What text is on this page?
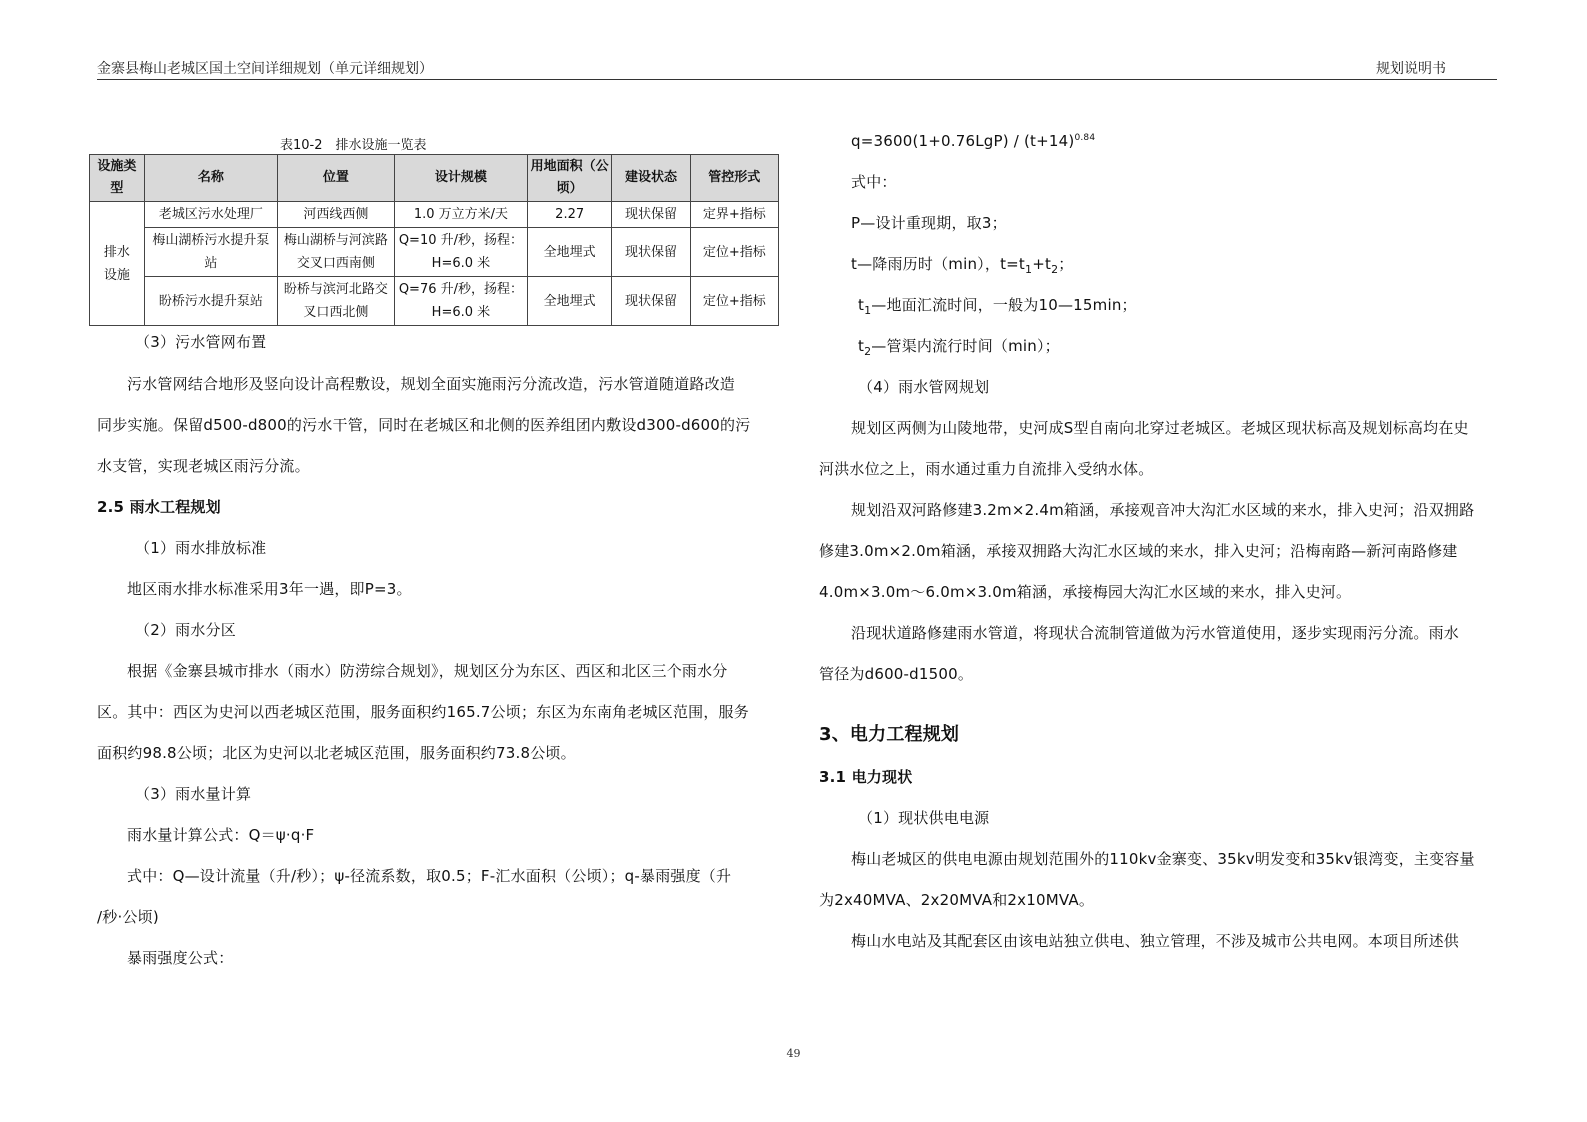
金寨县梅山老城区国土空间详细规划（单元详细规划）	规划说明书
表10-2　排水设施一览表
设施类型	名称	位置	设计规模	用地面积（公顷）	建设状态	管控形式
排水设施	老城区污水处理厂	河西线西侧	1.0 万立方米/天	2.27	现状保留	定界+指标
	梅山湖桥污水提升泵站	梅山湖桥与河滨路交叉口西南侧	Q=10 升/秒，扬程：H=6.0 米	全地埋式	现状保留	定位+指标
	盼桥污水提升泵站	盼桥与滨河北路交叉口西北侧	Q=76 升/秒，扬程：H=6.0 米	全地埋式	现状保留	定位+指标
（3）污水管网布置
污水管网结合地形及竖向设计高程敷设，规划全面实施雨污分流改造，污水管道随道路改造
同步实施。保留d500-d800的污水干管，同时在老城区和北侧的医养组团内敷设d300-d600的污
水支管，实现老城区雨污分流。
2.5 雨水工程规划
（1）雨水排放标准
地区雨水排水标准采用3年一遇，即P=3。
（2）雨水分区
根据《金寨县城市排水（雨水）防涝综合规划》，规划区分为东区、西区和北区三个雨水分
区。其中：西区为史河以西老城区范围，服务面积约165.7公顷；东区为东南角老城区范围，服务
面积约98.8公顷；北区为史河以北老城区范围，服务面积约73.8公顷。
（3）雨水量计算
雨水量计算公式：Q＝ψ·q·F
式中：Q—设计流量（升/秒）；ψ-径流系数，取0.5；F-汇水面积（公顷）；q-暴雨强度（升
/秒·公顷)
暴雨强度公式：
$q=3600(1+0.76LgP) / (t+14)^{0.84}$
式中：
P—设计重现期，取3；
t—降雨历时（min），$t=t_1+t_2$；
$t_1—$地面汇流时间，一般为10—15min；
$t_2—$管渠内流行时间（min）；
（4）雨水管网规划
规划区两侧为山陵地带，史河成S型自南向北穿过老城区。老城区现状标高及规划标高均在史
河洪水位之上，雨水通过重力自流排入受纳水体。
规划沿双河路修建3.2m×2.4m箱涵，承接观音冲大沟汇水区域的来水，排入史河；沿双拥路
修建3.0m×2.0m箱涵，承接双拥路大沟汇水区域的来水，排入史河；沿梅南路—新河南路修建
4.0m×3.0m～6.0m×3.0m箱涵，承接梅园大沟汇水区域的来水，排入史河。
沿现状道路修建雨水管道，将现状合流制管道做为污水管道使用，逐步实现雨污分流。雨水
管径为d600-d1500。
3、电力工程规划
3.1 电力现状
（1）现状供电电源
梅山老城区的供电电源由规划范围外的110kv金寨变、35kv明发变和35kv银湾变，主变容量
为2x40MVA、2x20MVA和2x10MVA。
梅山水电站及其配套区由该电站独立供电、独立管理，不涉及城市公共电网。本项目所述供
49
